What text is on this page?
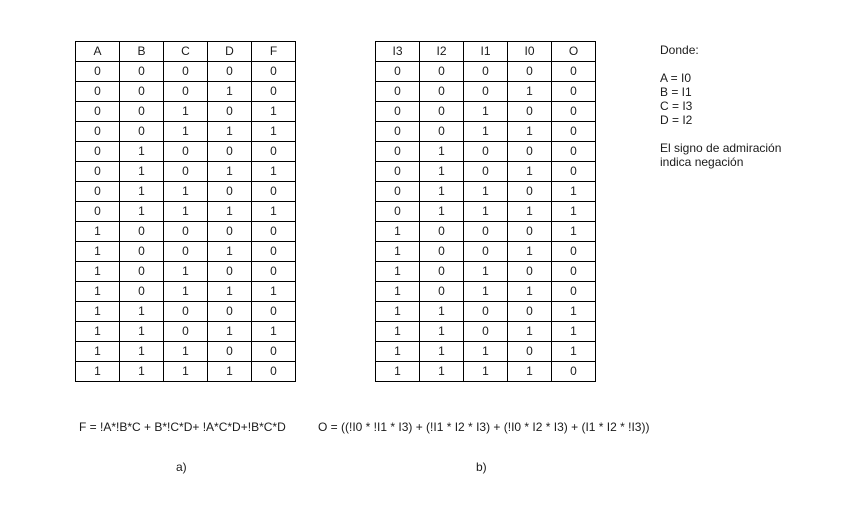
A	B	C	D	F
0	0	0	0	0
0	0	0	1	0
0	0	1	0	1
0	0	1	1	1
0	1	0	0	0
0	1	0	1	1
0	1	1	0	0
0	1	1	1	1
1	0	0	0	0
1	0	0	1	0
1	0	1	0	0
1	0	1	1	1
1	1	0	0	0
1	1	0	1	1
1	1	1	0	0
1	1	1	1	0
I3	I2	I1	I0	O
0	0	0	0	0
0	0	0	1	0
0	0	1	0	0
0	0	1	1	0
0	1	0	0	0
0	1	0	1	0
0	1	1	0	1
0	1	1	1	1
1	0	0	0	1
1	0	0	1	0
1	0	1	0	0
1	0	1	1	0
1	1	0	0	1
1	1	0	1	1
1	1	1	0	1
1	1	1	1	0
Donde:
A = I0
B = I1
C = I3
D = I2
El signo de admiración
indica negación
F = !A*!B*C + B*!C*D+ !A*C*D+!B*C*D	O = ((!I0 * !I1 * I3) + (!I1 * I2 * I3) + (!I0 * I2 * I3) + (I1 * I2 * !I3))
a)	b)
